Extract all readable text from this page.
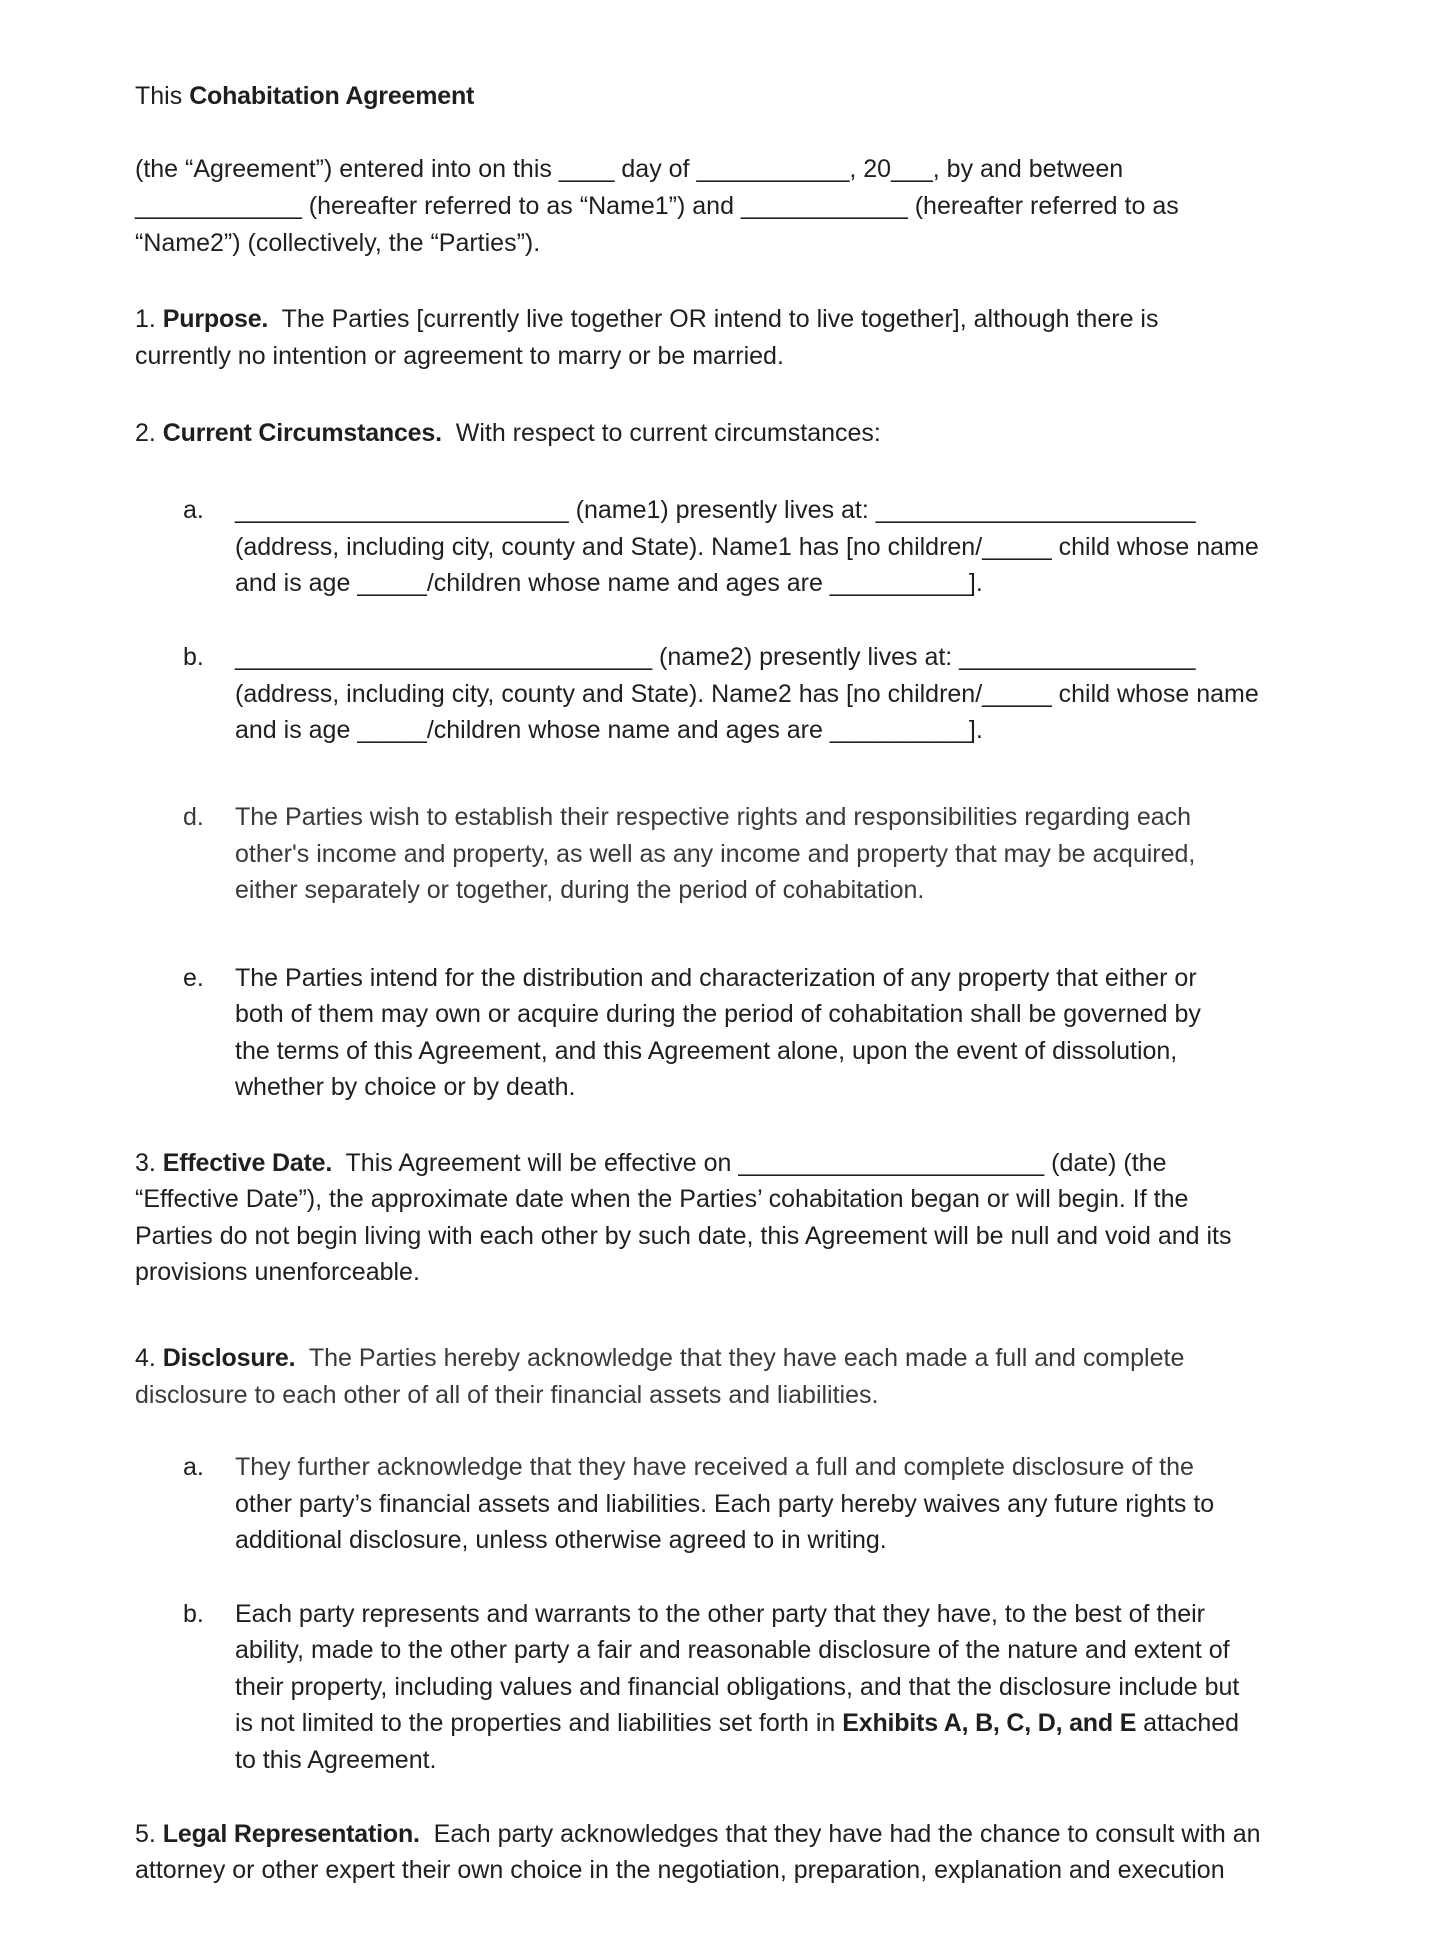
This Cohabitation Agreement

(the “Agreement”) entered into on this ____ day of ___________, 20___, by and between

____________ (hereafter referred to as “Name1”) and ____________ (hereafter referred to as

“Name2”) (collectively, the “Parties”).

1. Purpose.  The Parties [currently live together OR intend to live together], although there is

currently no intention or agreement to marry or be married.

2. Current Circumstances.  With respect to current circumstances:

a. ________________________ (name1) presently lives at: _______________________

(address, including city, county and State). Name1 has [no children/_____ child whose name

and is age _____/children whose name and ages are __________].

b. ______________________________ (name2) presently lives at: _________________

(address, including city, county and State). Name2 has [no children/_____ child whose name

and is age _____/children whose name and ages are __________].

d. The Parties wish to establish their respective rights and responsibilities regarding each

other's income and property, as well as any income and property that may be acquired,

either separately or together, during the period of cohabitation.

e. The Parties intend for the distribution and characterization of any property that either or

both of them may own or acquire during the period of cohabitation shall be governed by

the terms of this Agreement, and this Agreement alone, upon the event of dissolution,

whether by choice or by death.

3. Effective Date.  This Agreement will be effective on ______________________ (date) (the

“Effective Date”), the approximate date when the Parties’ cohabitation began or will begin. If the

Parties do not begin living with each other by such date, this Agreement will be null and void and its

provisions unenforceable.

4. Disclosure.  The Parties hereby acknowledge that they have each made a full and complete

disclosure to each other of all of their financial assets and liabilities.

a. They further acknowledge that they have received a full and complete disclosure of the

other party’s financial assets and liabilities. Each party hereby waives any future rights to

additional disclosure, unless otherwise agreed to in writing.

b. Each party represents and warrants to the other party that they have, to the best of their

ability, made to the other party a fair and reasonable disclosure of the nature and extent of

their property, including values and financial obligations, and that the disclosure include but

is not limited to the properties and liabilities set forth in Exhibits A, B, C, D, and E attached

to this Agreement.

5. Legal Representation.  Each party acknowledges that they have had the chance to consult with an

attorney or other expert their own choice in the negotiation, preparation, explanation and execution
